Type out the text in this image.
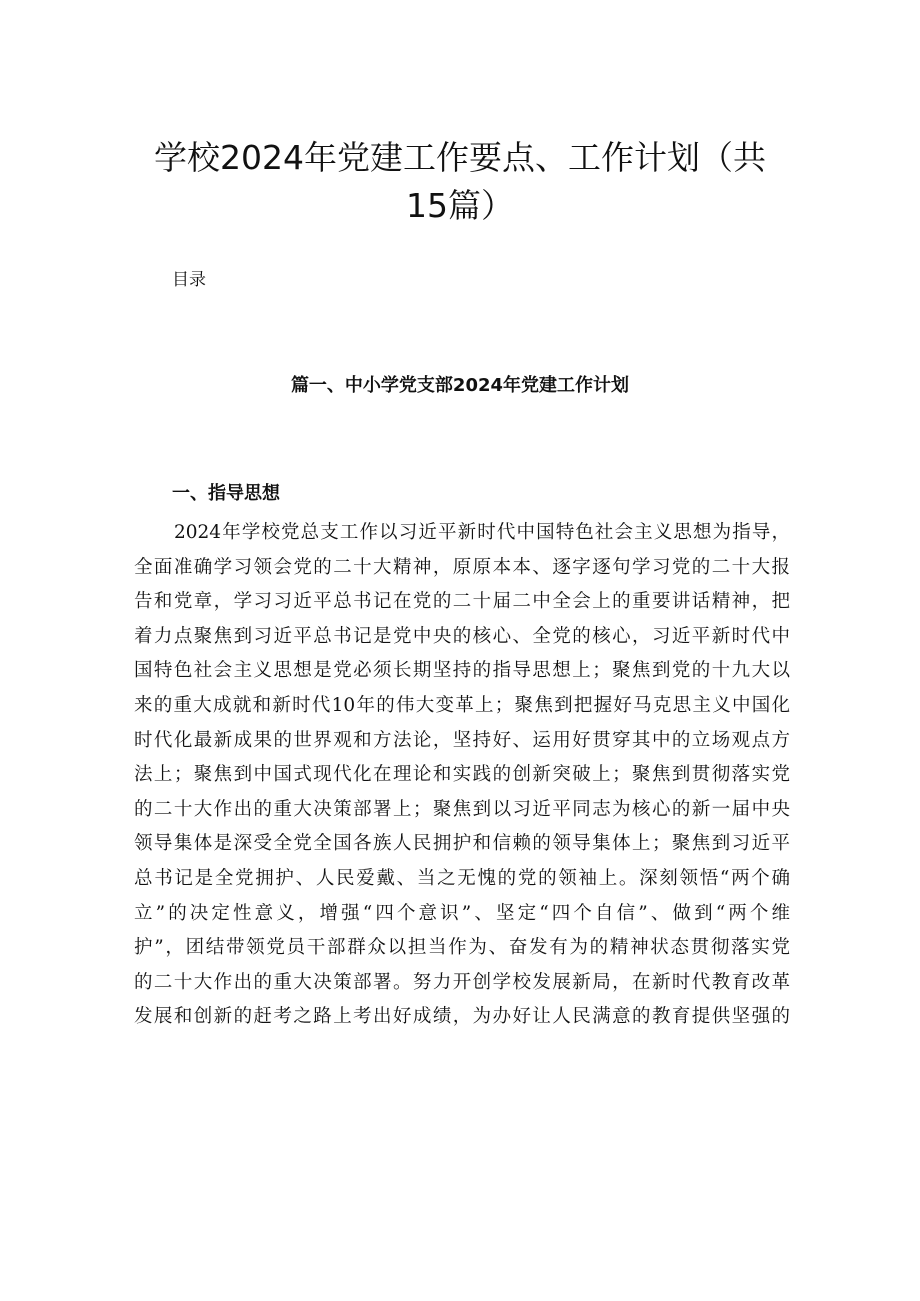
学校2024年党建工作要点、工作计划（共
15篇）

目录

篇一、中小学党支部2024年党建工作计划
一、指导思想
2024年学校党总支工作以习近平新时代中国特色社会主义思想为指导，
全面准确学习领会党的二十大精神，原原本本、逐字逐句学习党的二十大报
告和党章，学习习近平总书记在党的二十届二中全会上的重要讲话精神，把
着力点聚焦到习近平总书记是党中央的核心、全党的核心，习近平新时代中
国特色社会主义思想是党必须长期坚持的指导思想上；聚焦到党的十九大以
来的重大成就和新时代10年的伟大变革上；聚焦到把握好马克思主义中国化
时代化最新成果的世界观和方法论，坚持好、运用好贯穿其中的立场观点方
法上；聚焦到中国式现代化在理论和实践的创新突破上；聚焦到贯彻落实党
的二十大作出的重大决策部署上；聚焦到以习近平同志为核心的新一届中央
领导集体是深受全党全国各族人民拥护和信赖的领导集体上；聚焦到习近平
总书记是全党拥护、人民爱戴、当之无愧的党的领袖上。深刻领悟“两个确
立”的决定性意义，增强“四个意识”、坚定“四个自信”、做到“两个维
护”，团结带领党员干部群众以担当作为、奋发有为的精神状态贯彻落实党
的二十大作出的重大决策部署。努力开创学校发展新局，在新时代教育改革
发展和创新的赶考之路上考出好成绩，为办好让人民满意的教育提供坚强的
